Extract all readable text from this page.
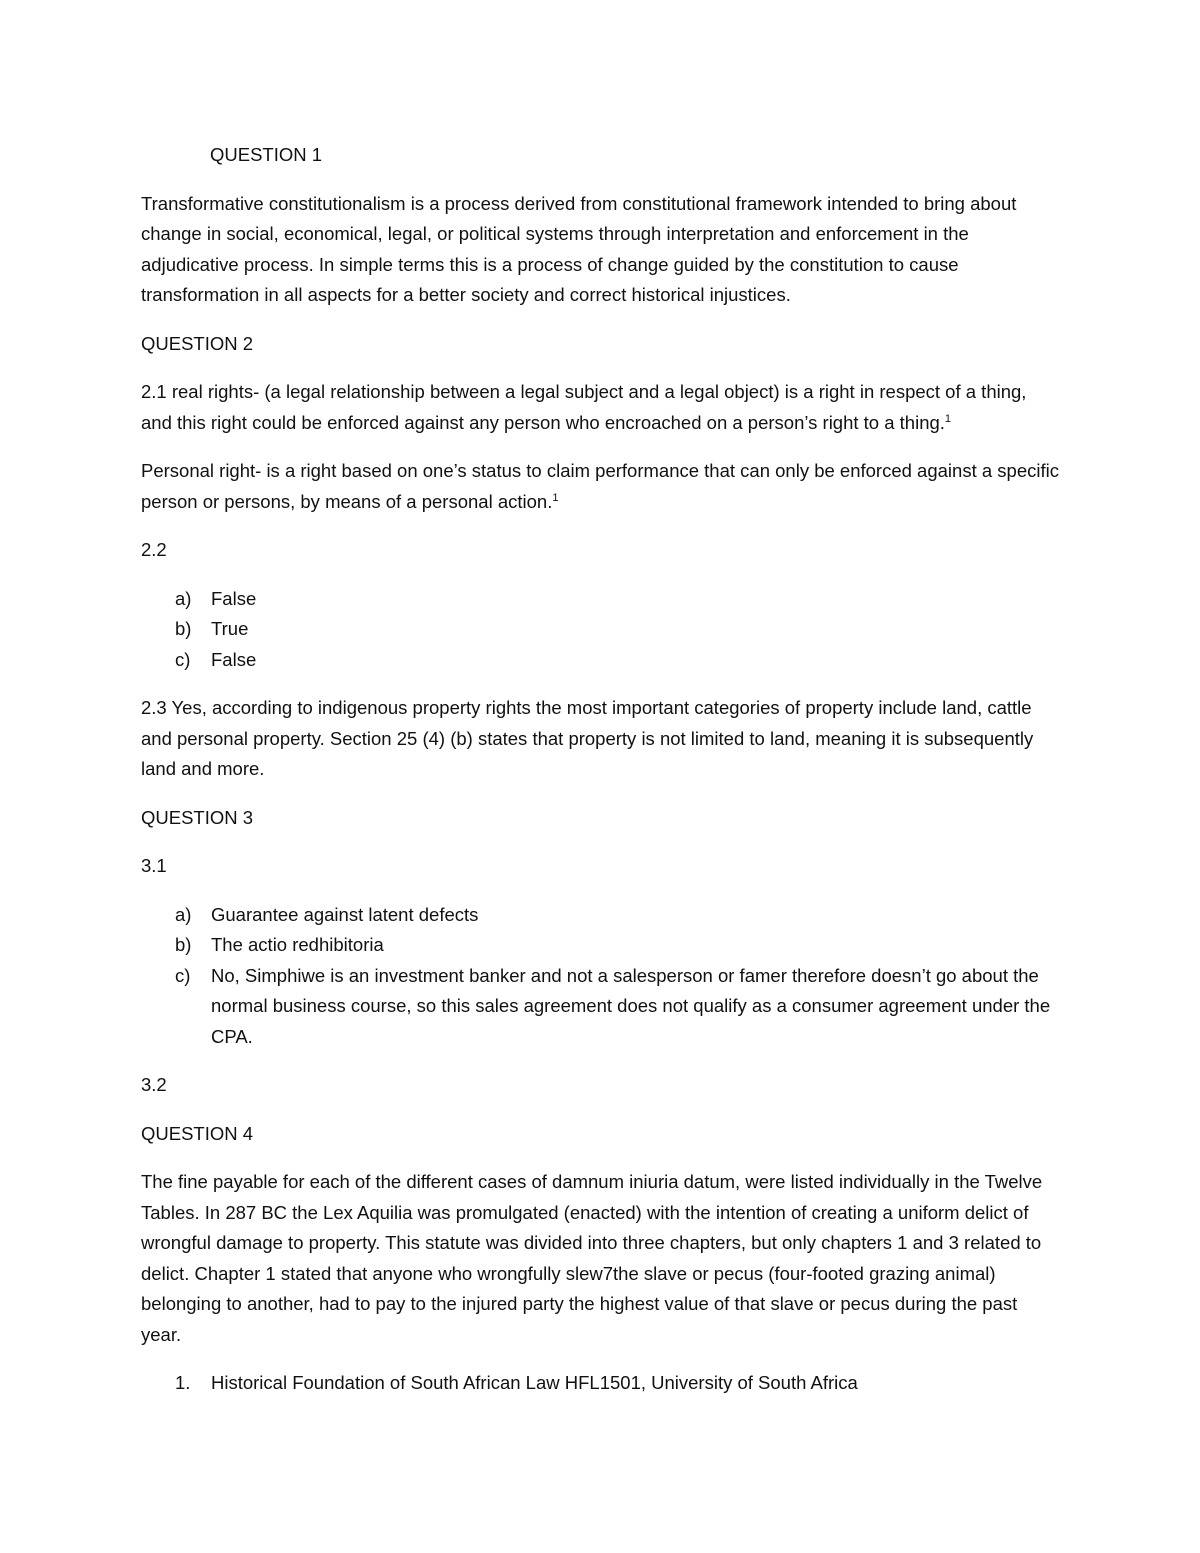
QUESTION 1

Transformative constitutionalism is a process derived from constitutional framework intended to bring about change in social, economical, legal, or political systems through interpretation and enforcement in the adjudicative process. In simple terms this is a process of change guided by the constitution to cause transformation in all aspects for a better society and correct historical injustices.

QUESTION 2

2.1 real rights- (a legal relationship between a legal subject and a legal object) is a right in respect of a thing, and this right could be enforced against any person who encroached on a person’s right to a thing.$^1$

Personal right- is a right based on one’s status to claim performance that can only be enforced against a specific person or persons, by means of a personal action.$^1$

2.2

a) False
b) True
c) False

2.3 Yes, according to indigenous property rights the most important categories of property include land, cattle and personal property. Section 25 (4) (b) states that property is not limited to land, meaning it is subsequently land and more.

QUESTION 3

3.1

a) Guarantee against latent defects
b) The actio redhibitoria
c) No, Simphiwe is an investment banker and not a salesperson or famer therefore doesn’t go about the normal business course, so this sales agreement does not qualify as a consumer agreement under the CPA.

3.2

QUESTION 4

The fine payable for each of the different cases of damnum iniuria datum, were listed individually in the Twelve Tables. In 287 BC the Lex Aquilia was promulgated (enacted) with the intention of creating a uniform delict of wrongful damage to property. This statute was divided into three chapters, but only chapters 1 and 3 related to delict. Chapter 1 stated that anyone who wrongfully slew7the slave or pecus (four-footed grazing animal) belonging to another, had to pay to the injured party the highest value of that slave or pecus during the past year.

1. Historical Foundation of South African Law HFL1501, University of South Africa
